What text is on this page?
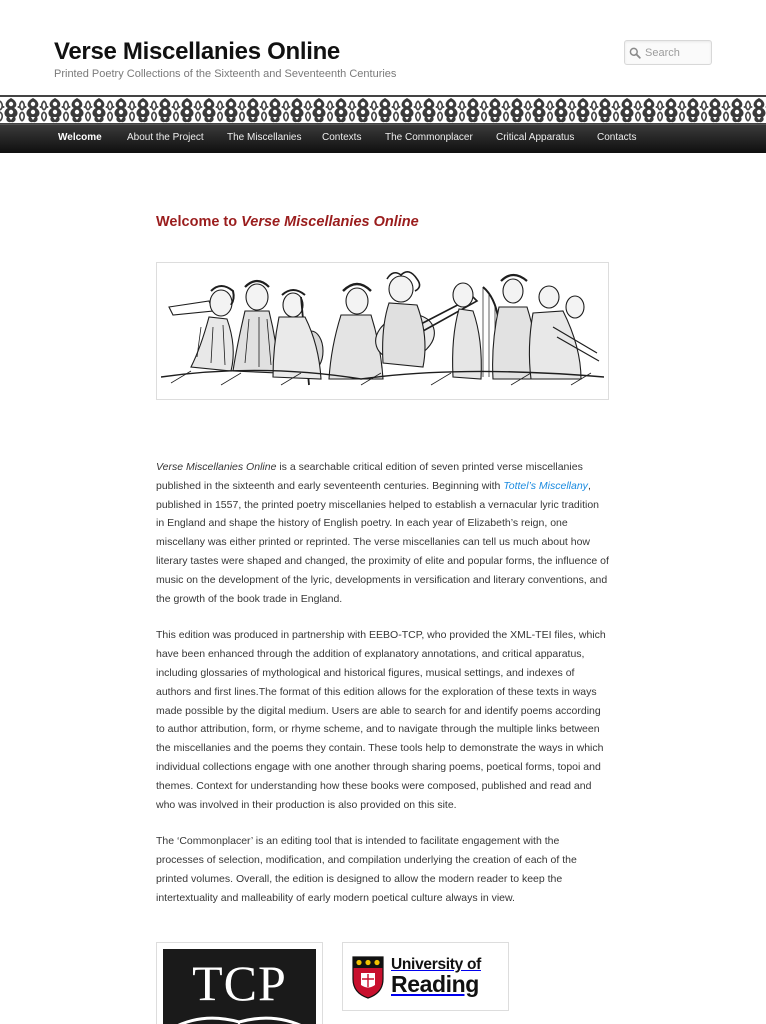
Verse Miscellanies Online
Printed Poetry Collections of the Sixteenth and Seventeenth Centuries
Search
Welcome	About the Project The Miscellanies Contexts The Commonplacer Critical Apparatus Contacts
Welcome to Verse Miscellanies Online

Verse Miscellanies Online is a searchable critical edition of seven printed verse miscellanies published in the sixteenth and early seventeenth centuries. Beginning with Tottel’s Miscellany, published in 1557, the printed poetry miscellanies helped to establish a vernacular lyric tradition in England and shape the history of English poetry. In each year of Elizabeth’s reign, one miscellany was either printed or reprinted. The verse miscellanies can tell us much about how literary tastes were shaped and changed, the proximity of elite and popular forms, the influence of music on the development of the lyric, developments in versification and literary conventions, and the growth of the book trade in England.

This edition was produced in partnership with EEBO-TCP, who provided the XML-TEI files, which have been enhanced through the addition of explanatory annotations, and critical apparatus, including glossaries of mythological and historical figures, musical settings, and indexes of authors and first lines.The format of this edition allows for the exploration of these texts in ways made possible by the digital medium. Users are able to search for and identify poems according to author attribution, form, or rhyme scheme, and to navigate through the multiple links between the miscellanies and the poems they contain. These tools help to demonstrate the ways in which individual collections engage with one another through sharing poems, poetical forms, topoi and themes. Context for understanding how these books were composed, published and read and who was involved in their production is also provided on this site.

The ‘Commonplacer’ is an editing tool that is intended to facilitate engagement with the processes of selection, modification, and compilation underlying the creation of each of the printed volumes. Overall, the edition is designed to allow the modern reader to keep the intertextuality and malleability of early modern poetical culture always in view.

TCP	University of
Reading
